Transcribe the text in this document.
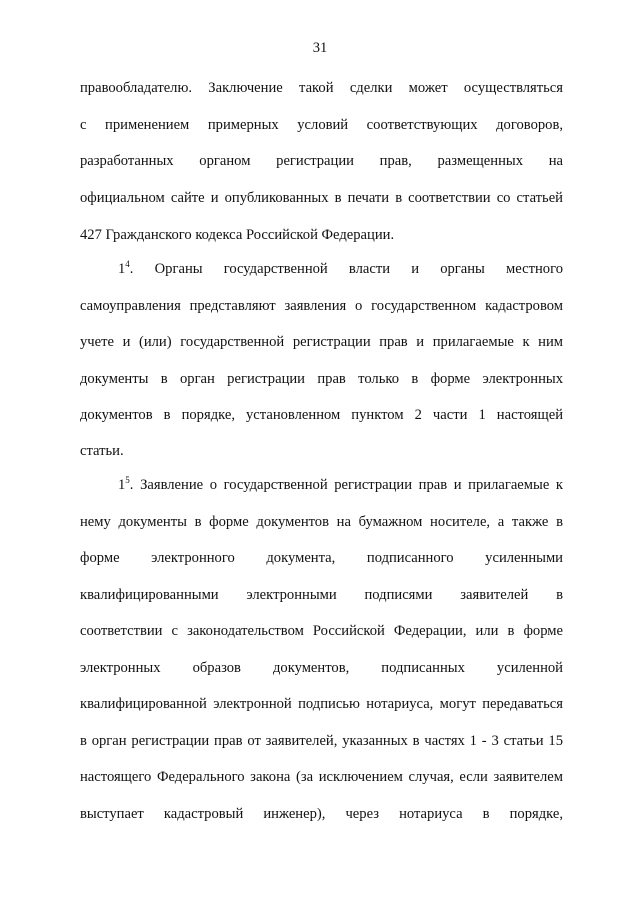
31
правообладателю. Заключение такой сделки может осуществляться
с применением примерных условий соответствующих договоров,
разработанных органом регистрации прав, размещенных на
официальном сайте и опубликованных в печати в соответствии со статьей
427 Гражданского кодекса Российской Федерации.
$1^4$. Органы государственной власти и органы местного
самоуправления представляют заявления о государственном кадастровом
учете и (или) государственной регистрации прав и прилагаемые к ним
документы в орган регистрации прав только в форме электронных
документов в порядке, установленном пунктом 2 части 1 настоящей
статьи.
$1^5$. Заявление о государственной регистрации прав и прилагаемые к
нему документы в форме документов на бумажном носителе, а также в
форме электронного документа, подписанного усиленными
квалифицированными электронными подписями заявителей в
соответствии с законодательством Российской Федерации, или в форме
электронных образов документов, подписанных усиленной
квалифицированной электронной подписью нотариуса, могут передаваться
в орган регистрации прав от заявителей, указанных в частях 1 - 3 статьи 15
настоящего Федерального закона (за исключением случая, если заявителем
выступает кадастровый инженер), через нотариуса в порядке,
